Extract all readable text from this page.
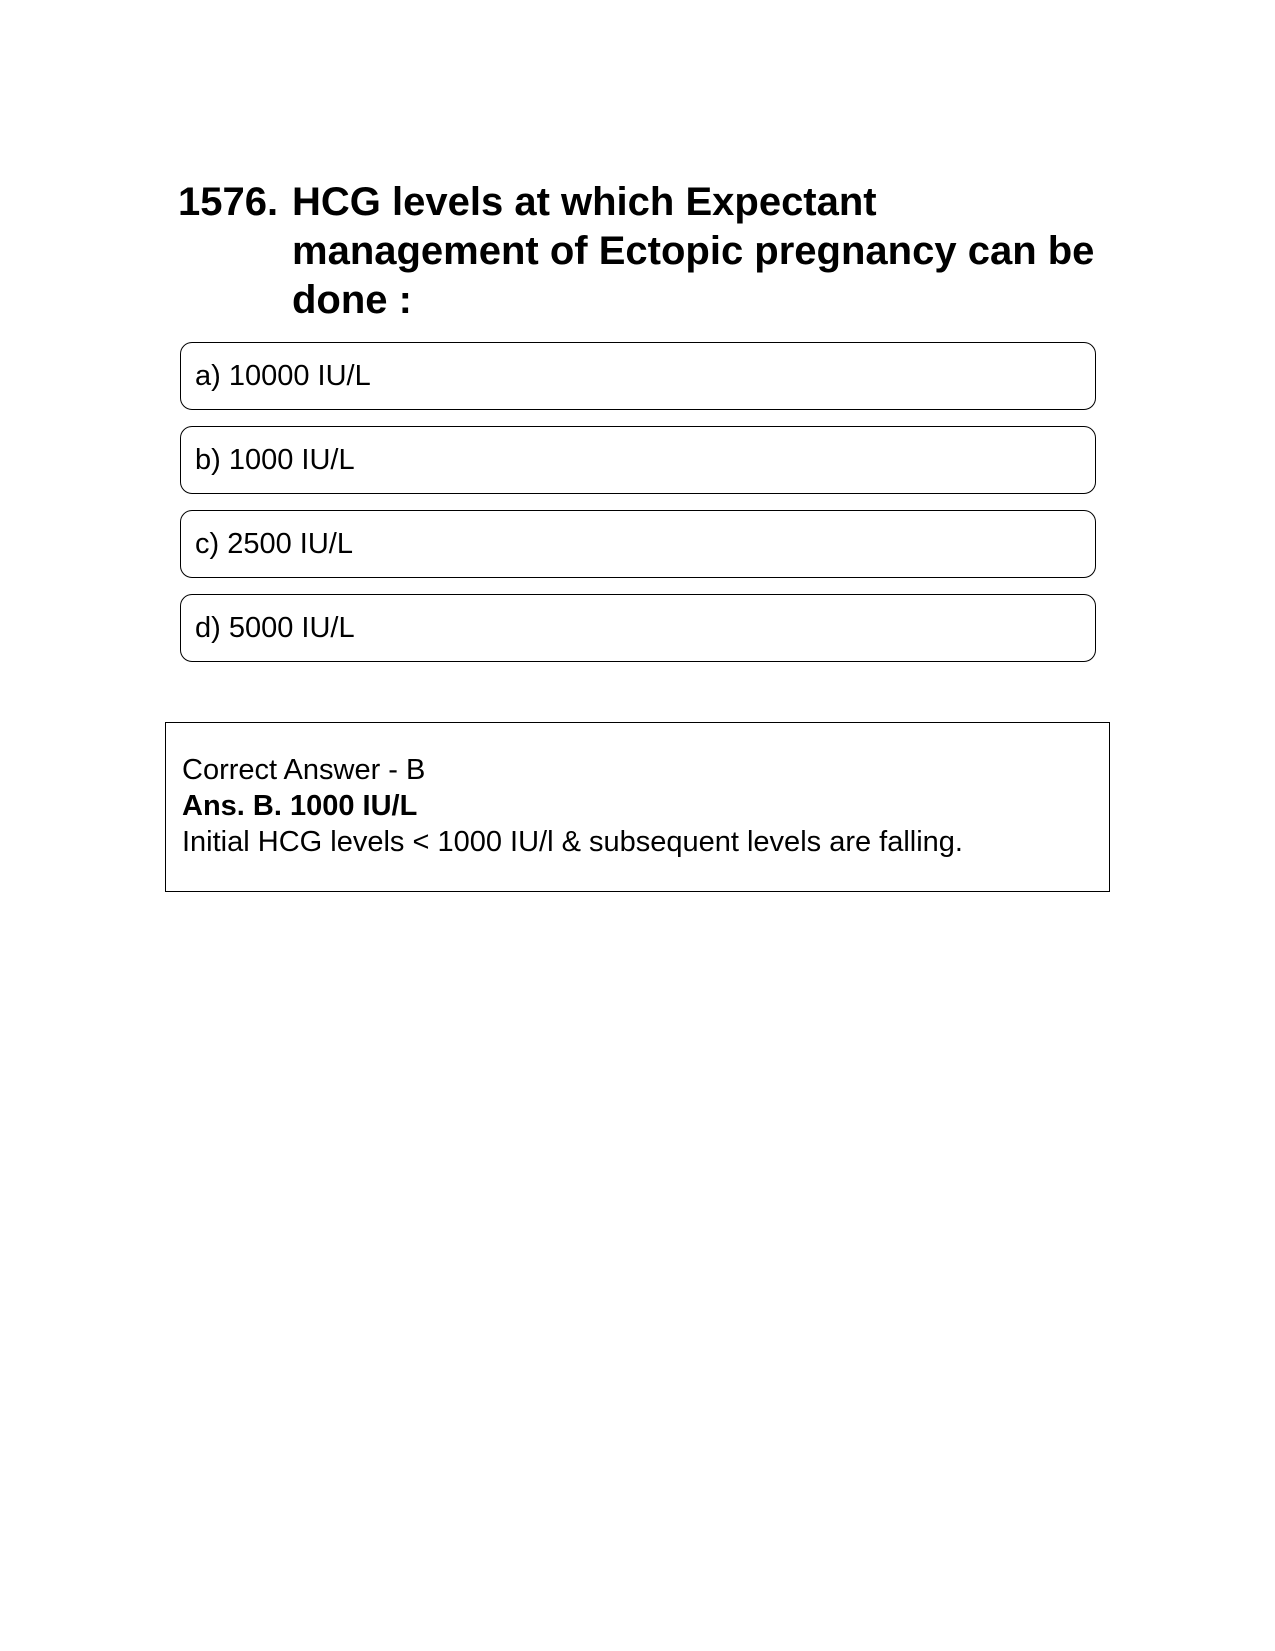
1576. HCG levels at which Expectant management of Ectopic pregnancy can be done :
a) 10000 IU/L
b) 1000 IU/L
c) 2500 IU/L
d) 5000 IU/L
Correct Answer - B
Ans. B. 1000 IU/L
Initial HCG levels < 1000 IU/l & subsequent levels are falling.
